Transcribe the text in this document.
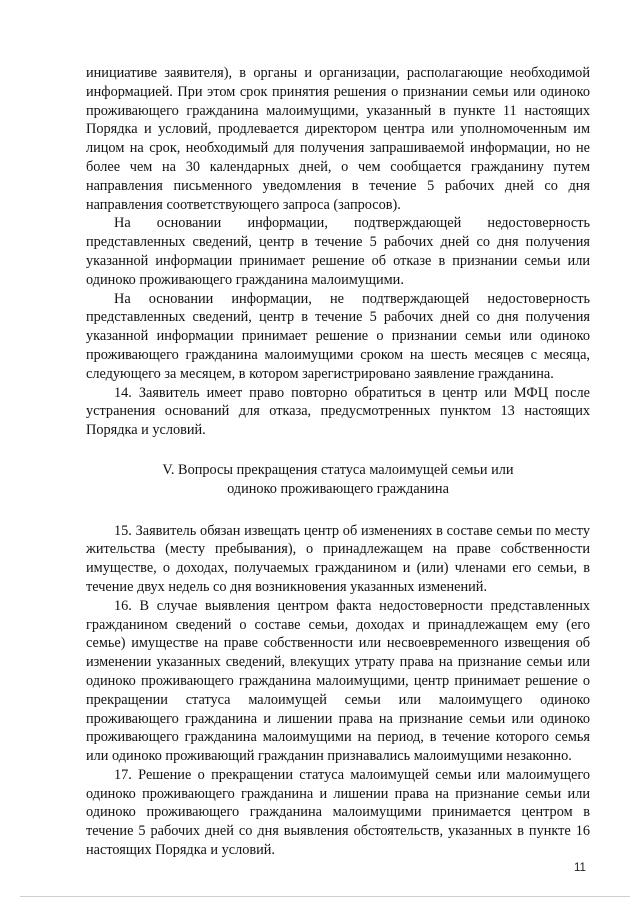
инициативе заявителя), в органы и организации, располагающие необходимой информацией. При этом срок принятия решения о признании семьи или одиноко проживающего гражданина малоимущими, указанный в пункте 11 настоящих Порядка и условий, продлевается директором центра или уполномоченным им лицом на срок, необходимый для получения запрашиваемой информации, но не более чем на 30 календарных дней, о чем сообщается гражданину путем направления письменного уведомления в течение 5 рабочих дней со дня направления соответствующего запроса (запросов).

На основании информации, подтверждающей недостоверность представленных сведений, центр в течение 5 рабочих дней со дня получения указанной информации принимает решение об отказе в признании семьи или одиноко проживающего гражданина малоимущими.

На основании информации, не подтверждающей недостоверность представленных сведений, центр в течение 5 рабочих дней со дня получения указанной информации принимает решение о признании семьи или одиноко проживающего гражданина малоимущими сроком на шесть месяцев с месяца, следующего за месяцем, в котором зарегистрировано заявление гражданина.

14. Заявитель имеет право повторно обратиться в центр или МФЦ после устранения оснований для отказа, предусмотренных пунктом 13 настоящих Порядка и условий.

V. Вопросы прекращения статуса малоимущей семьи или
одиноко проживающего гражданина

15. Заявитель обязан извещать центр об изменениях в составе семьи по месту жительства (месту пребывания), о принадлежащем на праве собственности имуществе, о доходах, получаемых гражданином и (или) членами его семьи, в течение двух недель со дня возникновения указанных изменений.

16. В случае выявления центром факта недостоверности представленных гражданином сведений о составе семьи, доходах и принадлежащем ему (его семье) имуществе на праве собственности или несвоевременного извещения об изменении указанных сведений, влекущих утрату права на признание семьи или одиноко проживающего гражданина малоимущими, центр принимает решение о прекращении статуса малоимущей семьи или малоимущего одиноко проживающего гражданина и лишении права на признание семьи или одиноко проживающего гражданина малоимущими на период, в течение которого семья или одиноко проживающий гражданин признавались малоимущими незаконно.

17. Решение о прекращении статуса малоимущей семьи или малоимущего одиноко проживающего гражданина и лишении права на признание семьи или одиноко проживающего гражданина малоимущими принимается центром в течение 5 рабочих дней со дня выявления обстоятельств, указанных в пункте 16 настоящих Порядка и условий.

11
